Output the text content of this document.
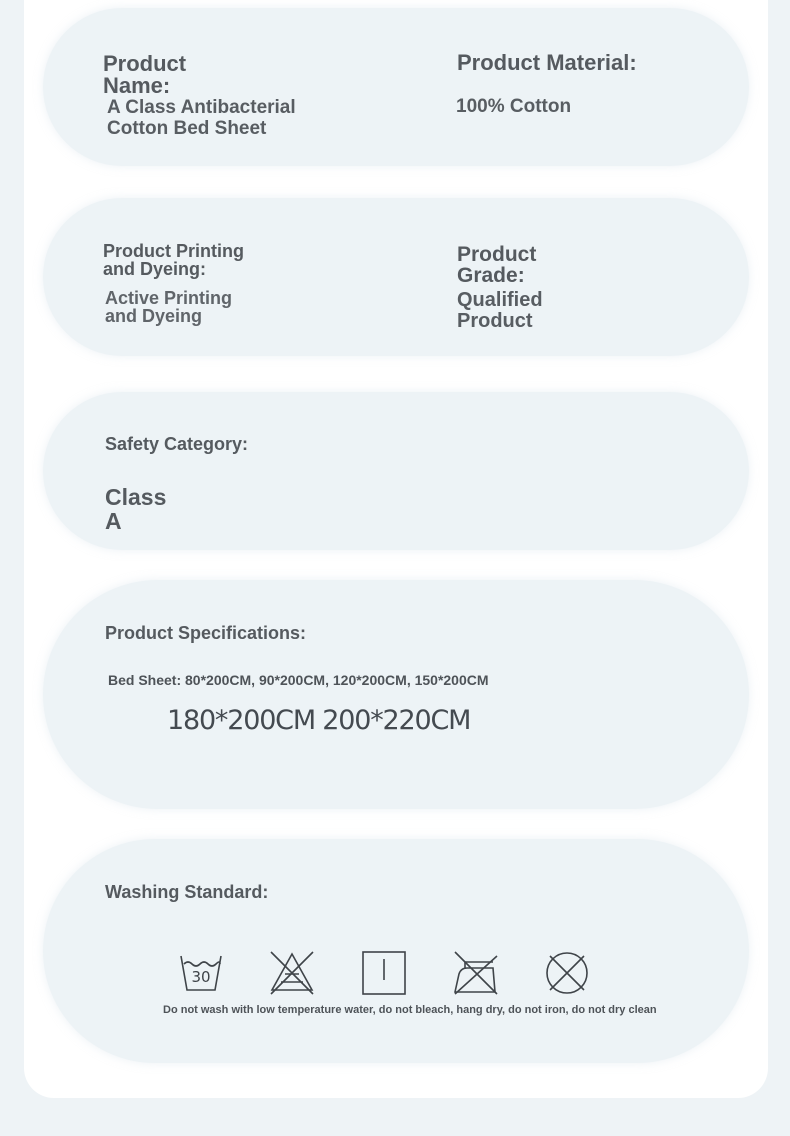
Product
Name:

A Class Antibacterial
Cotton Bed Sheet

Product Material:

100% Cotton

Product Printing
and Dyeing:

Active Printing
and Dyeing

Product
Grade:

Qualified
Product

Safety Category:

Class
A

Product Specifications:

Bed Sheet: 80*200CM, 90*200CM, 120*200CM, 150*200CM

180*200CM 200*220CM

Washing Standard:

30

Do not wash with low temperature water, do not bleach, hang dry, do not iron, do not dry clean
